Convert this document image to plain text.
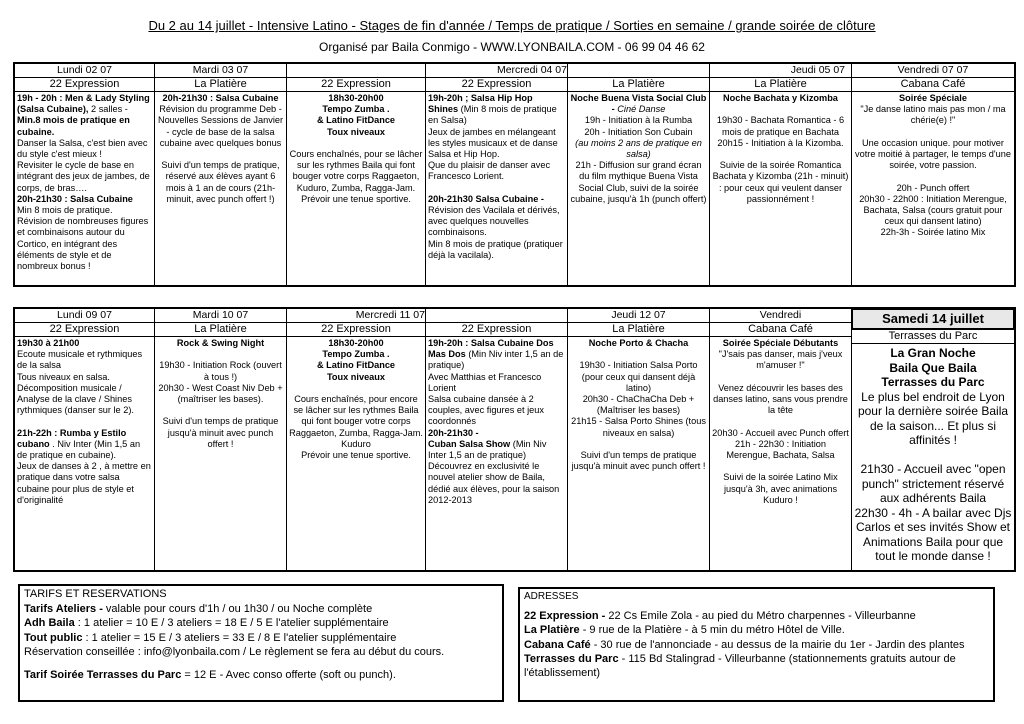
Du 2 au 14 juillet - Intensive Latino - Stages de fin d'année / Temps de pratique / Sorties en semaine / grande soirée de clôture
Organisé par Baila Conmigo - WWW.LYONBAILA.COM - 06 99 04 46 62
Lundi 02 07
22 Expression
19h - 20h : Men & Lady Styling (Salsa Cubaine), 2 salles - Min.8 mois de pratique en cubaine.
Danser la Salsa, c'est bien avec du style c'est mieux !
Revisiter le cycle de base en intégrant des jeux de jambes, de corps, de bras….
20h-21h30 : Salsa Cubaine
Min 8 mois de pratique.
Révision de nombreuses figures et combinaisons autour du Cortico, en intégrant des éléments de style et de nombreux bonus !
Mardi 03 07
La Platière
20h-21h30 : Salsa Cubaine
Révision du programme Deb - Nouvelles Sessions de Janvier - cycle de base de la salsa cubaine avec quelques bonus

Suivi d'un temps de pratique, réservé aux élèves ayant 6 mois à 1 an de cours (21h-minuit, avec punch offert !)
22 Expression
18h30-20h00
Tempo Zumba .
& Latino FitDance
Toux niveaux

Cours enchaînés, pour se lâcher sur les rythmes Baila qui font bouger votre corps Raggaeton, Kuduro, Zumba, Ragga-Jam.
Prévoir une tenue sportive.
Mercredi 04 07
22 Expression
19h-20h ; Salsa Hip Hop Shines (Min 8 mois de pratique en Salsa)
Jeux de jambes en mélangeant les styles musicaux et de danse Salsa et Hip Hop.
Que du plaisir de danser avec Francesco Lorient.

20h-21h30 Salsa Cubaine -
Révision des Vacilala et dérivés, avec quelques nouvelles combinaisons.
Min 8 mois de pratique (pratiquer déjà la vacilala).
La Platière
Noche Buena Vista Social Club - Ciné Danse
19h - Initiation à la Rumba
20h - Initiation Son Cubain
(au moins 2 ans de pratique en salsa)
21h - Diffusion sur grand écran du film mythique Buena Vista Social Club, suivi de la soirée cubaine, jusqu'à 1h (punch offert)
Jeudi 05 07
La Platière
Noche Bachata y Kizomba

19h30 - Bachata Romantica - 6 mois de pratique en Bachata
20h15 - Initiation à la Kizomba.

Suivie de la soirée Romantica Bachata y Kizomba (21h - minuit) : pour ceux qui veulent danser passionnément !
Vendredi 07 07
Cabana Café
Soirée Spéciale
"Je danse latino mais pas mon / ma chérie(e) !"

Une occasion unique. pour motiver votre moitié à partager, le temps d'une soirée, votre passion.

20h - Punch offert
20h30 - 22h00 : Initiation Merengue, Bachata, Salsa (cours gratuit pour ceux qui dansent latino)
22h-3h - Soirée latino Mix
Lundi 09 07
22 Expression
19h30 à 21h00
Ecoute musicale et rythmiques de la salsa
Tous niveaux en salsa.
Décomposition musicale / Analyse de la clave / Shines rythmiques (danser sur le 2).

21h-22h : Rumba y Estilo cubano . Niv Inter (Min 1,5 an de pratique en cubaine).
Jeux de danses à 2 , à mettre en pratique dans votre salsa cubaine pour plus de style et d'originalité
Mardi 10 07
La Platière
Rock & Swing Night

19h30 - Initiation Rock (ouvert à tous !)
20h30 - West Coast Niv Deb + (maîtriser les bases).

Suivi d'un temps de pratique jusqu'à minuit avec punch offert !
Mercredi 11 07
22 Expression
18h30-20h00
Tempo Zumba .
& Latino FitDance
Toux niveaux

Cours enchaînés, pour encore se lâcher sur les rythmes Baila qui font bouger votre corps Raggaeton, Zumba, Ragga-Jam. Kuduro
Prévoir une tenue sportive.
22 Expression
19h-20h : Salsa Cubaine Dos Mas Dos (Min Niv inter 1,5 an de pratique)
Avec Matthias et Francesco Lorient
Salsa cubaine dansée à 2 couples, avec figures et jeux coordonnés
20h-21h30 -
Cuban Salsa Show (Min Niv Inter 1,5 an de pratique)
Découvrez en exclusivité le nouvel atelier show de Baila, dédié aux élèves, pour la saison 2012-2013
Jeudi 12 07
La Platière
Noche Porto & Chacha

19h30 - Initiation Salsa Porto (pour ceux qui dansent déjà latino)
20h30 - ChaChaCha Deb + (Maîtriser les bases)
21h15 - Salsa Porto Shines (tous niveaux en salsa)

Suivi d'un temps de pratique jusqu'à minuit avec punch offert !
Vendredi
Cabana Café
Soirée Spéciale Débutants
"J'sais pas danser, mais j'veux m'amuser !"

Venez découvrir les bases des danses latino, sans vous prendre la tête

20h30 - Accueil avec Punch offert
21h - 22h30 : Initiation Merengue, Bachata, Salsa

Suivi de la soirée Latino Mix jusqu'à 3h, avec animations Kuduro !
Samedi 14 juillet
Terrasses du Parc
La Gran Noche
Baila Que Baila
Terrasses du Parc
Le plus bel endroit de Lyon pour la dernière soirée Baila de la saison... Et plus si affinités !

21h30 - Accueil avec "open punch" strictement réservé aux adhérents Baila
22h30 - 4h - A bailar avec Djs Carlos et ses invités Show et Animations Baila pour que tout le monde danse !
TARIFS ET RESERVATIONS
Tarifs Ateliers - valable pour cours d'1h / ou 1h30 / ou Noche complète
Adh Baila : 1 atelier = 10 E / 3 ateliers = 18 E / 5 E l'atelier supplémentaire
Tout public : 1 atelier = 15 E / 3 ateliers = 33 E / 8 E l'atelier supplémentaire
Réservation conseillée : info@lyonbaila.com / Le règlement se fera au début du cours.
Tarif Soirée Terrasses du Parc = 12 E - Avec conso offerte (soft ou punch).
ADRESSES
22 Expression - 22 Cs Emile Zola - au pied du Métro charpennes - Villeurbanne
La Platière - 9 rue de la Platière - à 5 min du métro Hôtel de Ville.
Cabana Café - 30 rue de l'annonciade - au dessus de la mairie du 1er - Jardin des plantes
Terrasses du Parc - 115 Bd Stalingrad - Villeurbanne (stationnements gratuits autour de l'établissement)
